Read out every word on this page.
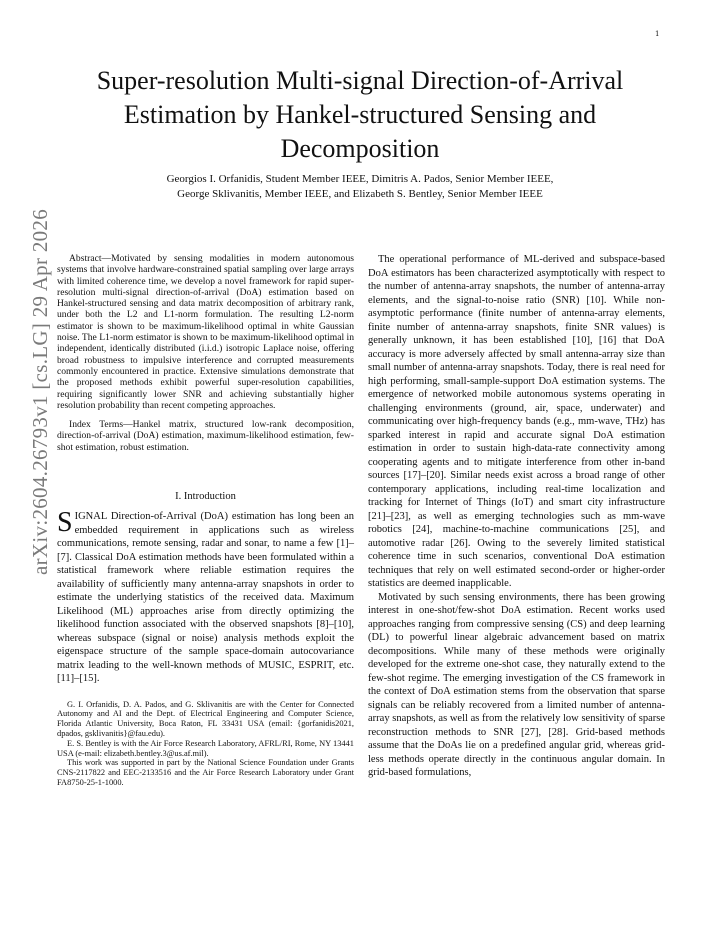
1
arXiv:2604.26793v1 [cs.LG] 29 Apr 2026
Super-resolution Multi-signal Direction-of-Arrival Estimation by Hankel-structured Sensing and Decomposition
Georgios I. Orfanidis, Student Member IEEE, Dimitris A. Pados, Senior Member IEEE,
George Sklivanitis, Member IEEE, and Elizabeth S. Bentley, Senior Member IEEE

Abstract—Motivated by sensing modalities in modern autonomous systems that involve hardware-constrained spatial sampling over large arrays with limited coherence time, we develop a novel framework for rapid super-resolution multi-signal direction-of-arrival (DoA) estimation based on Hankel-structured sensing and data matrix decomposition of arbitrary rank, under both the L2 and L1-norm formulation. The resulting L2-norm estimator is shown to be maximum-likelihood optimal in white Gaussian noise. The L1-norm estimator is shown to be maximum-likelihood optimal in independent, identically distributed (i.i.d.) isotropic Laplace noise, offering broad robustness to impulsive interference and corrupted measurements commonly encountered in practice. Extensive simulations demonstrate that the proposed methods exhibit powerful super-resolution capabilities, requiring significantly lower SNR and achieving substantially higher resolution probability than recent competing approaches.

Index Terms—Hankel matrix, structured low-rank decomposition, direction-of-arrival (DoA) estimation, maximum-likelihood estimation, few-shot estimation, robust estimation.

I. Introduction

SIGNAL Direction-of-Arrival (DoA) estimation has long been an embedded requirement in applications such as wireless communications, remote sensing, radar and sonar, to name a few [1]–[7]. Classical DoA estimation methods have been formulated within a statistical framework where reliable estimation requires the availability of sufficiently many antenna-array snapshots in order to estimate the underlying statistics of the received data. Maximum Likelihood (ML) approaches arise from directly optimizing the likelihood function associated with the observed snapshots [8]–[10], whereas subspace (signal or noise) analysis methods exploit the eigenspace structure of the sample space-domain autocovariance matrix leading to the well-known methods of MUSIC, ESPRIT, etc. [11]–[15].

G. I. Orfanidis, D. A. Pados, and G. Sklivanitis are with the Center for Connected Autonomy and AI and the Dept. of Electrical Engineering and Computer Science, Florida Atlantic University, Boca Raton, FL 33431 USA (email: {gorfanidis2021, dpados, gsklivanitis}@fau.edu).

E. S. Bentley is with the Air Force Research Laboratory, AFRL/RI, Rome, NY 13441 USA (e-mail: elizabeth.bentley.3@us.af.mil).

This work was supported in part by the National Science Foundation under Grants CNS-2117822 and EEC-2133516 and the Air Force Research Laboratory under Grant FA8750-25-1-1000.

The operational performance of ML-derived and subspace-based DoA estimators has been characterized asymptotically with respect to the number of antenna-array snapshots, the number of antenna-array elements, and the signal-to-noise ratio (SNR) [10]. While non-asymptotic performance (finite number of antenna-array elements, finite number of antenna-array snapshots, finite SNR values) is generally unknown, it has been established [10], [16] that DoA accuracy is more adversely affected by small antenna-array size than small number of antenna-array snapshots. Today, there is real need for high performing, small-sample-support DoA estimation systems. The emergence of networked mobile autonomous systems operating in challenging environments (ground, air, space, underwater) and communicating over high-frequency bands (e.g., mm-wave, THz) has sparked interest in rapid and accurate signal DoA estimation estimation in order to sustain high-data-rate connectivity among cooperating agents and to mitigate interference from other in-band sources [17]–[20]. Similar needs exist across a broad range of other contemporary applications, including real-time localization and tracking for Internet of Things (IoT) and smart city infrastructure [21]–[23], as well as emerging technologies such as mm-wave robotics [24], machine-to-machine communications [25], and automotive radar [26]. Owing to the severely limited statistical coherence time in such scenarios, conventional DoA estimation techniques that rely on well estimated second-order or higher-order statistics are deemed inapplicable.

Motivated by such sensing environments, there has been growing interest in one-shot/few-shot DoA estimation. Recent works used approaches ranging from compressive sensing (CS) and deep learning (DL) to powerful linear algebraic advancement based on matrix decompositions. While many of these methods were originally developed for the extreme one-shot case, they naturally extend to the few-shot regime. The emerging investigation of the CS framework in the context of DoA estimation stems from the observation that sparse signals can be reliably recovered from a limited number of antenna-array snapshots, as well as from the relatively low sensitivity of sparse reconstruction methods to SNR [27], [28]. Grid-based methods assume that the DoAs lie on a predefined angular grid, whereas grid-less methods operate directly in the continuous angular domain. In grid-based formulations,
